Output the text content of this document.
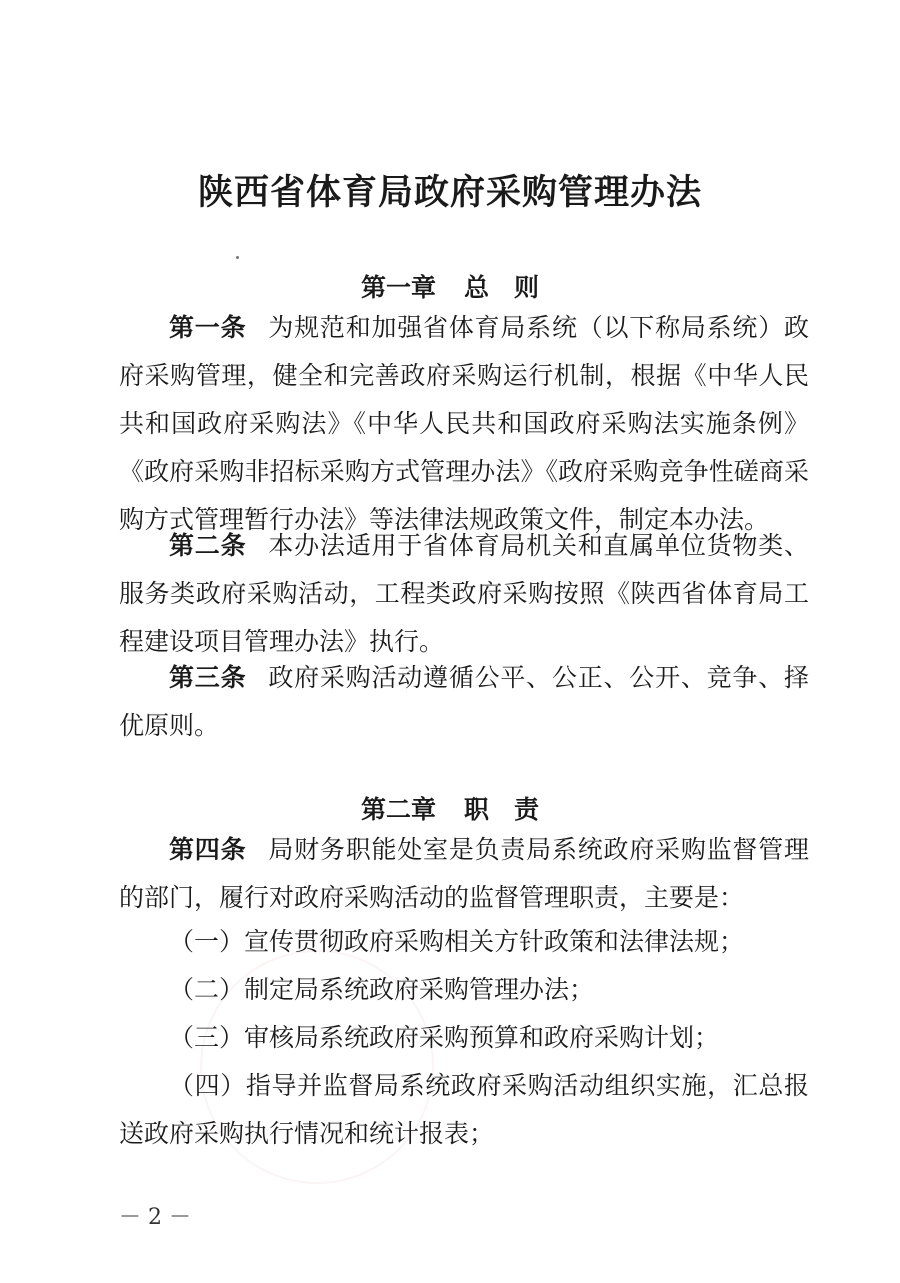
陕西省体育局政府采购管理办法
第一章 总　则
第一条 为规范和加强省体育局系统（以下称局系统）政府采购管理，健全和完善政府采购运行机制，根据《中华人民共和国政府采购法》《中华人民共和国政府采购法实施条例》《政府采购非招标采购方式管理办法》《政府采购竞争性磋商采购方式管理暂行办法》等法律法规政策文件，制定本办法。
第二条 本办法适用于省体育局机关和直属单位货物类、服务类政府采购活动，工程类政府采购按照《陕西省体育局工程建设项目管理办法》执行。
第三条 政府采购活动遵循公平、公正、公开、竞争、择优原则。
第二章 职　责
第四条 局财务职能处室是负责局系统政府采购监督管理的部门，履行对政府采购活动的监督管理职责，主要是：
（一）宣传贯彻政府采购相关方针政策和法律法规；
（二）制定局系统政府采购管理办法；
（三）审核局系统政府采购预算和政府采购计划；
（四）指导并监督局系统政府采购活动组织实施，汇总报送政府采购执行情况和统计报表；
－ 2 －
